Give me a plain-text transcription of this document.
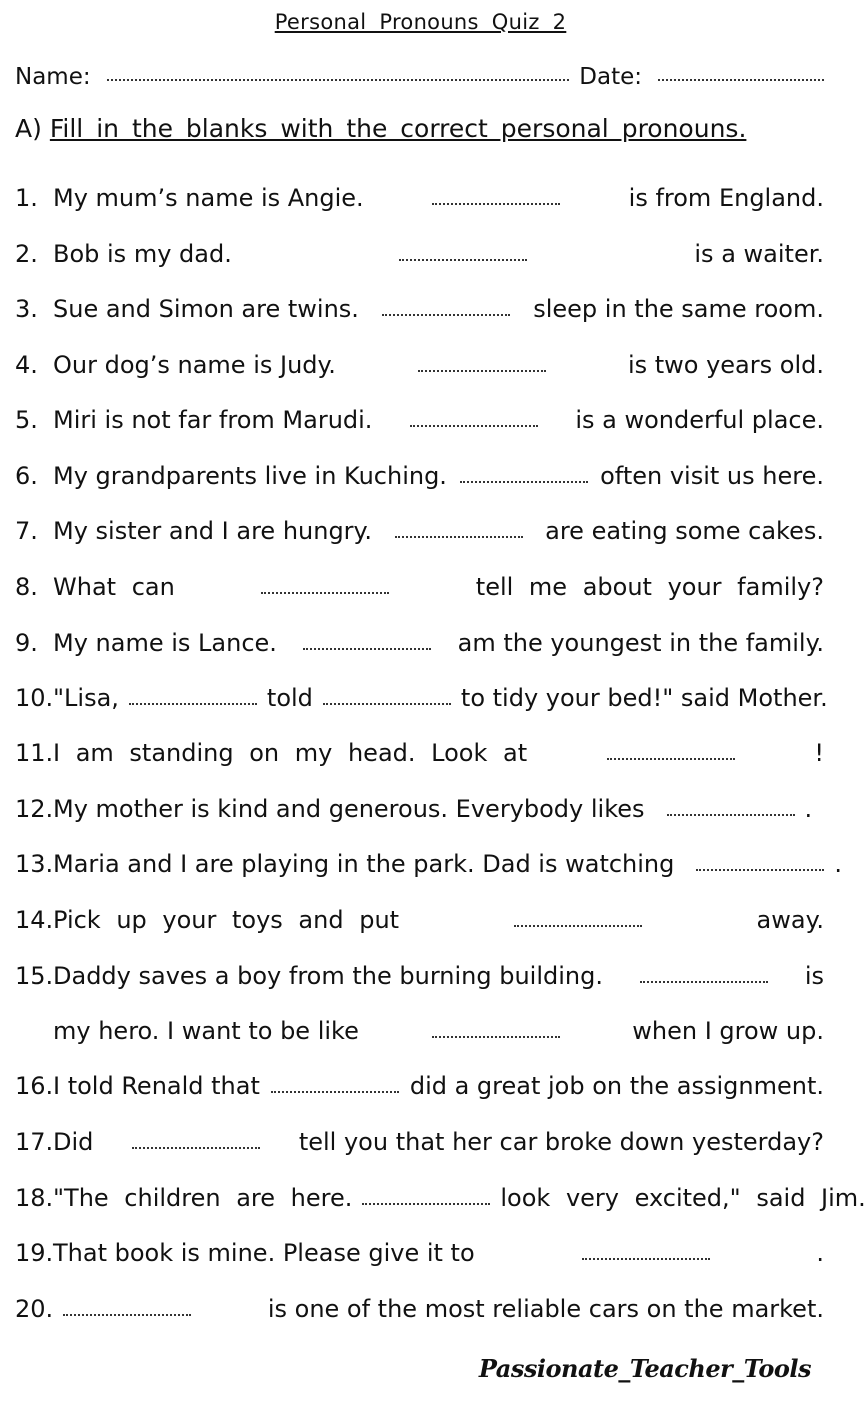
Personal Pronouns Quiz 2
Name:	Date:
A) Fill in the blanks with the correct personal pronouns.
1. My mum’s name is Angie.	is from England.
2. Bob is my dad.	is a waiter.
3. Sue and Simon are twins.	sleep in the same room.
4. Our dog’s name is Judy.	is two years old.
5. Miri is not far from Marudi.	is a wonderful place.
6. My grandparents live in Kuching.	often visit us here.
7. My sister and I are hungry.	are eating some cakes.
8. What can	tell me about your family?
9. My name is Lance.	am the youngest in the family.
10. "Lisa,	told	to tidy your bed!" said Mother.
11. I am standing on my head. Look at	!
12. My mother is kind and generous. Everybody likes	.
13. Maria and I are playing in the park. Dad is watching	.
14. Pick up your toys and put	away.
15. Daddy saves a boy from the burning building.	is
my hero. I want to be like	when I grow up.
16. I told Renald that	did a great job on the assignment.
17. Did	tell you that her car broke down yesterday?
18. "The children are here.	look very excited," said Jim.
19. That book is mine. Please give it to	.
20.	is one of the most reliable cars on the market.
Passionate_Teacher_Tools
